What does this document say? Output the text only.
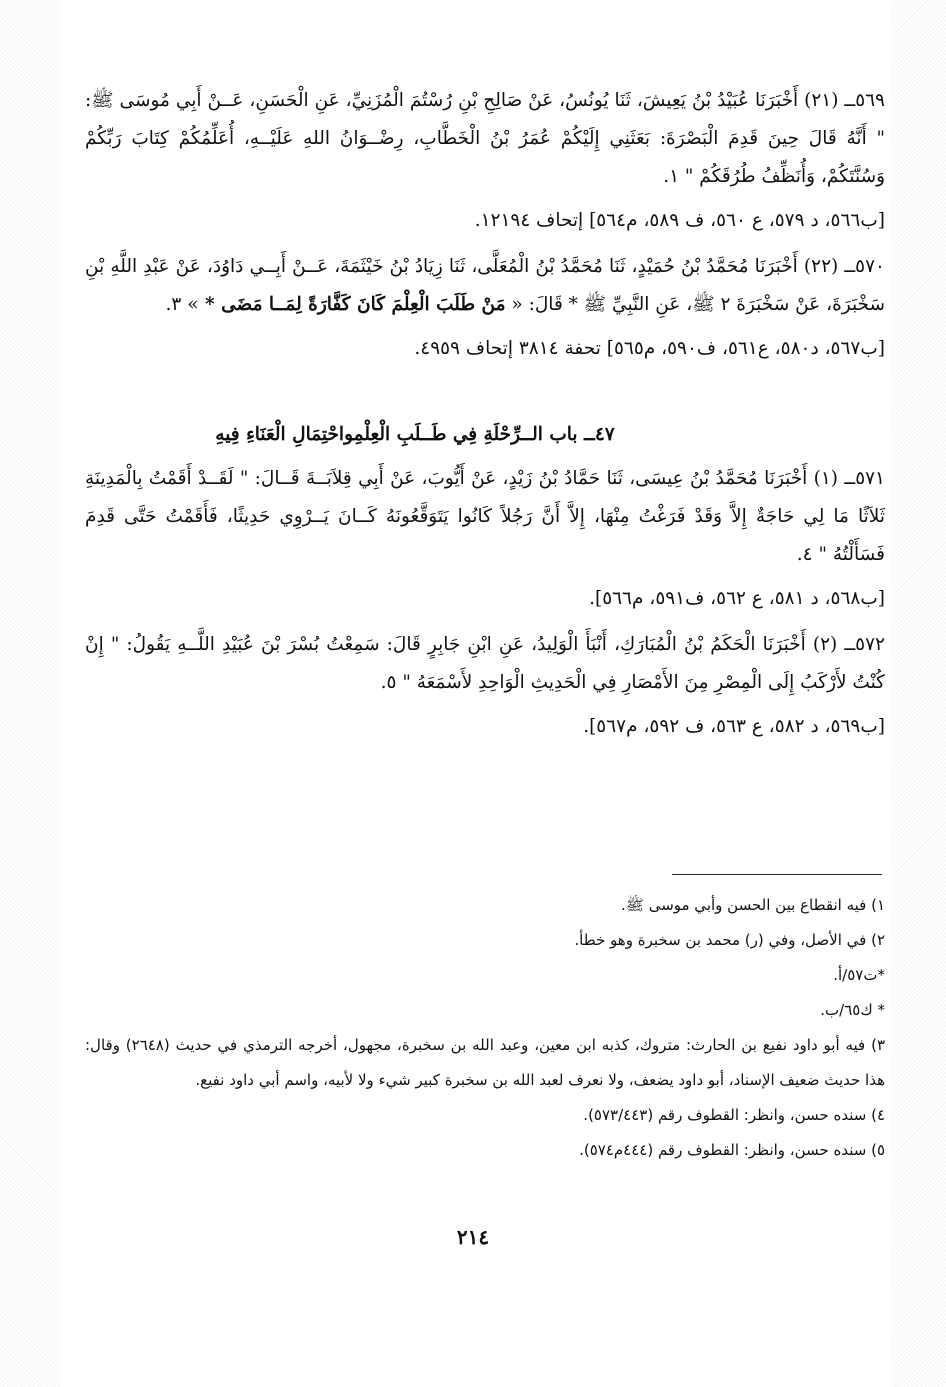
٥٦٩ــ (٢١) أَخْبَرَنَا عُبَيْدُ بْنُ يَعِيشَ، ثَنَا يُونُسُ، عَنْ صَالِحِ بْنِ رُسْتُمَ الْمُزَنِيِّ، عَنِ الْحَسَنِ، عَــنْ أَبِي مُوسَى ﷺ: " أَنَّهُ قَالَ حِينَ قَدِمَ الْبَصْرَةَ: بَعَثَنِي إِلَيْكُمْ عُمَرُ بْنُ الْخَطَّابِ، رِضْــوَانُ اللهِ عَلَيْــهِ، أُعَلِّمُكُمْ كِتَابَ رَبِّكُمْ وَسُنَّتَكُمْ، وَأُنَظِّفُ طُرُقَكُمْ " ١.

[ب٥٦٦، د ٥٧٩، ع ٥٦٠، ف ٥٨٩، م٥٦٤] إتحاف ١٢١٩٤.

٥٧٠ــ (٢٢) أَخْبَرَنَا مُحَمَّدُ بْنُ حُمَيْدٍ، ثَنَا مُحَمَّدُ بْنُ الْمُعَلَّى، ثَنَا زِيَادُ بْنُ خَيْثَمَةَ، عَــنْ أَبِــي دَاوُدَ، عَنْ عَبْدِ اللَّهِ بْنِ سَخْبَرَةَ، عَنْ سَخْبَرَةَ ٢ ﷺ، عَنِ النَّبِيِّ ﷺ * قَالَ: « مَنْ طَلَبَ الْعِلْمَ كَانَ كَفَّارَةً لِمَــا مَضَى * » ٣.

[ب٥٦٧، د٥٨٠، ع٥٦١، ف٥٩٠، م٥٦٥] تحفة ٣٨١٤ إتحاف ٤٩٥٩.

٤٧ــ باب الــرِّحْلَةِ فِي طَــلَبِ الْعِلْمِواحْتِمَالِ الْعَنَاءِ فِيهِ

٥٧١ــ (١) أَخْبَرَنَا مُحَمَّدُ بْنُ عِيسَى، ثَنَا حَمَّادُ بْنُ زَيْدٍ، عَنْ أَيُّوبَ، عَنْ أَبِي قِلاَبَــةَ قَــالَ: " لَقَــدْ أَقَمْتُ بِالْمَدِينَةِ ثَلاَثًا مَا لِي حَاجَةٌ إِلاَّ وَقَدْ فَرَغْتُ مِنْهَا، إِلاَّ أَنَّ رَجُلاً كَانُوا يَتَوَقَّعُونَهُ كَــانَ يَــرْوِي حَدِيثًا، فَأَقَمْتُ حَتَّى قَدِمَ فَسَأَلْتُهُ " ٤.

[ب٥٦٨، د ٥٨١، ع ٥٦٢، ف٥٩١، م٥٦٦].

٥٧٢ــ (٢) أَخْبَرَنَا الْحَكَمُ بْنُ الْمُبَارَكِ، أَنْبَأَ الْوَلِيدُ، عَنِ ابْنِ جَابِرٍ قَالَ: سَمِعْتُ بُسْرَ بْنَ عُبَيْدِ اللَّــهِ يَقُولُ: " إِنْ كُنْتُ لأَرْكَبُ إِلَى الْمِصْرِ مِنَ الأَمْصَارِ فِي الْحَدِيثِ الْوَاحِدِ لأَسْمَعَهُ " ٥.

[ب٥٦٩، د ٥٨٢، ع ٥٦٣، ف ٥٩٢، م٥٦٧].

١) فيه انقطاع بين الحسن وأبي موسى ﷺ.

٢) في الأصل، وفي (ر) محمد بن سخبرة وهو خطأ.

*ت٥٧/أ.

* ك٦٥/ب.

٣) فيه أبو داود نفيع بن الحارث: متروك، كذبه ابن معين، وعبد الله بن سخبرة، مجهول، أخرجه الترمذي في حديث (٢٦٤٨) وقال: هذا حديث ضعيف الإسناد، أبو داود يضعف، ولا نعرف لعبد الله بن سخبرة كبير شيء ولا لأبيه، واسم أبي داود نفيع.

٤) سنده حسن، وانظر: القطوف رقم (٥٧٣/٤٤٣).

٥) سنده حسن، وانظر: القطوف رقم (٤٤٤م٥٧٤).

٢١٤
